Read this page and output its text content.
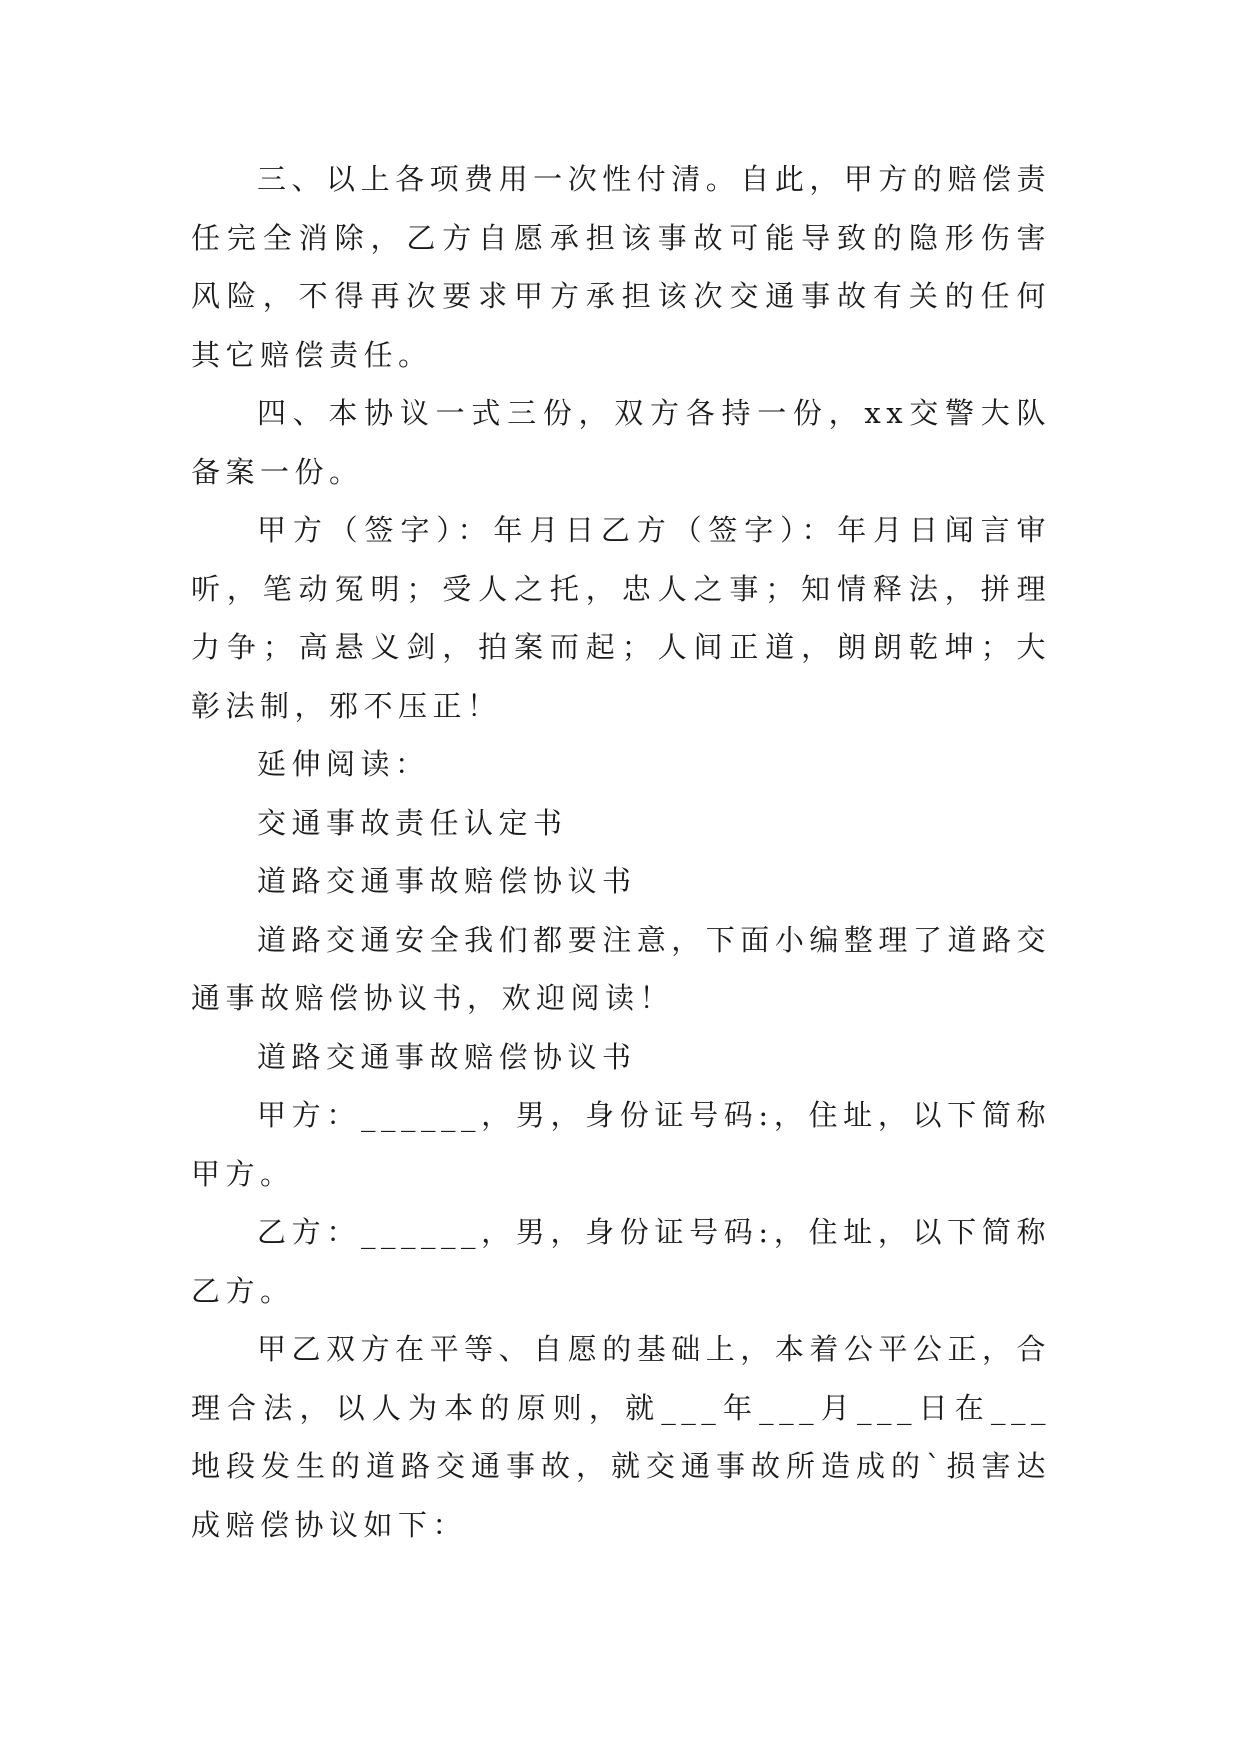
三、以上各项费用一次性付清。自此，甲方的赔偿责任完全消除，乙方自愿承担该事故可能导致的隐形伤害风险，不得再次要求甲方承担该次交通事故有关的任何其它赔偿责任。

四、本协议一式三份，双方各持一份，xx交警大队备案一份。

甲方（签字）：年月日乙方（签字）：年月日闻言审听，笔动冤明；受人之托，忠人之事；知情释法，拼理力争；高悬义剑，拍案而起；人间正道，朗朗乾坤；大彰法制，邪不压正！

延伸阅读：

交通事故责任认定书

道路交通事故赔偿协议书

道路交通安全我们都要注意，下面小编整理了道路交通事故赔偿协议书，欢迎阅读！

道路交通事故赔偿协议书

甲方：______，男，身份证号码:，住址，以下简称甲方。

乙方：______，男，身份证号码:，住址，以下简称乙方。

甲乙双方在平等、自愿的基础上，本着公平公正，合理合法，以人为本的原则，就___年___月___日在___地段发生的道路交通事故，就交通事故所造成的`损害达成赔偿协议如下：
